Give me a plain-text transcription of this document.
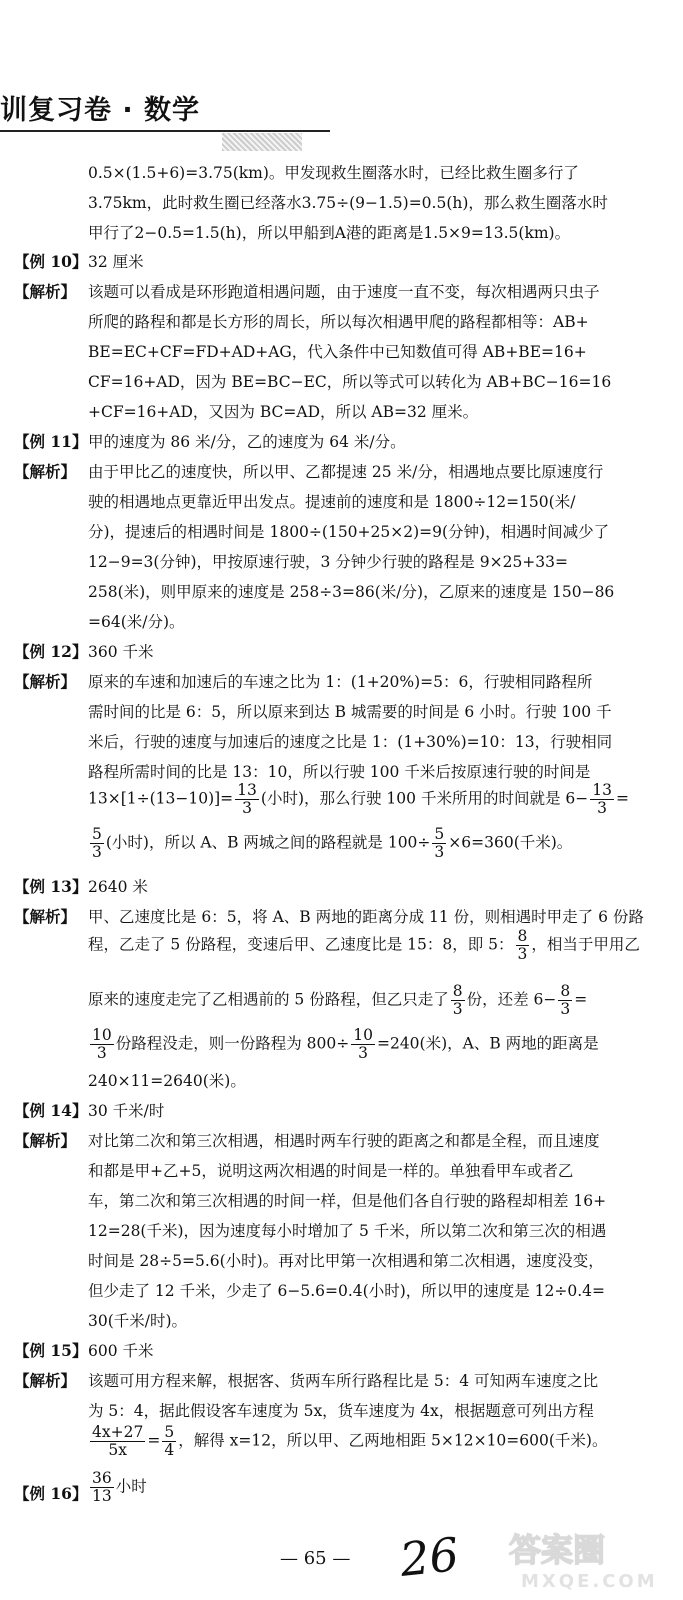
训复习卷 · 数学
0.5×(1.5+6)=3.75(km)。甲发现救生圈落水时，已经比救生圈多行了
3.75km，此时救生圈已经落水3.75÷(9−1.5)=0.5(h)，那么救生圈落水时
甲行了2−0.5=1.5(h)，所以甲船到A港的距离是1.5×9=13.5(km)。
【例 10】 32 厘米
【解析】 该题可以看成是环形跑道相遇问题，由于速度一直不变，每次相遇两只虫子
所爬的路程和都是长方形的周长，所以每次相遇甲爬的路程都相等：AB+
BE=EC+CF=FD+AD+AG，代入条件中已知数值可得 AB+BE=16+
CF=16+AD，因为 BE=BC−EC，所以等式可以转化为 AB+BC−16=16
+CF=16+AD，又因为 BC=AD，所以 AB=32 厘米。
【例 11】 甲的速度为 86 米/分，乙的速度为 64 米/分。
【解析】 由于甲比乙的速度快，所以甲、乙都提速 25 米/分，相遇地点要比原速度行
驶的相遇地点更靠近甲出发点。提速前的速度和是 1800÷12=150(米/
分)，提速后的相遇时间是 1800÷(150+25×2)=9(分钟)，相遇时间减少了
12−9=3(分钟)，甲按原速行驶，3 分钟少行驶的路程是 9×25+33=
258(米)，则甲原来的速度是 258÷3=86(米/分)，乙原来的速度是 150−86
=64(米/分)。
【例 12】 360 千米
【解析】 原来的车速和加速后的车速之比为 1：(1+20%)=5：6，行驶相同路程所
需时间的比是 6：5，所以原来到达 B 城需要的时间是 6 小时。行驶 100 千
米后，行驶的速度与加速后的速度之比是 1：(1+30%)=10：13，行驶相同
路程所需时间的比是 13：10，所以行驶 100 千米后按原速行驶的时间是
$13\times[1\div(13-10)]= \frac{13}{3}$ (小时)，那么行驶 100 千米所用的时间就是 $6- \frac{13}{3}$ =
$\frac{5}{3}$ (小时)，所以 A、B 两城之间的路程就是 $100\div \frac{5}{3} \times 6=360$(千米)。
【例 13】 2640 米
【解析】 甲、乙速度比是 6：5，将 A、B 两地的距离分成 11 份，则相遇时甲走了 6 份路
程，乙走了 5 份路程，变速后甲、乙速度比是 15：8，即 5： $\frac{8}{3}$ ，相当于甲用乙
原来的速度走完了乙相遇前的 5 份路程，但乙只走了 $\frac{8}{3}$ 份，还差 $6- \frac{8}{3}$ =
$\frac{10}{3}$ 份路程没走，则一份路程为 $800\div \frac{10}{3} =240$(米)，A、B 两地的距离是
240×11=2640(米)。
【例 14】 30 千米/时
【解析】 对比第二次和第三次相遇，相遇时两车行驶的距离之和都是全程，而且速度
和都是甲+乙+5，说明这两次相遇的时间是一样的。单独看甲车或者乙
车，第二次和第三次相遇的时间一样，但是他们各自行驶的路程却相差 16+
12=28(千米)，因为速度每小时增加了 5 千米，所以第二次和第三次的相遇
时间是 28÷5=5.6(小时)。再对比甲第一次相遇和第二次相遇，速度没变，
但少走了 12 千米，少走了 6−5.6=0.4(小时)，所以甲的速度是 12÷0.4=
30(千米/时)。
【例 15】 600 千米
【解析】 该题可用方程来解，根据客、货两车所行路程比是 5：4 可知两车速度之比
为 5：4，据此假设客车速度为 5x，货车速度为 4x，根据题意可列出方程
$\frac{4x+27}{5x} = \frac{5}{4}$ ，解得 x=12，所以甲、乙两地相距 5×12×10=600(千米)。
【例 16】 $\frac{36}{13}$ 小时
— 65 — 26 答案圈
MXQE.COM
